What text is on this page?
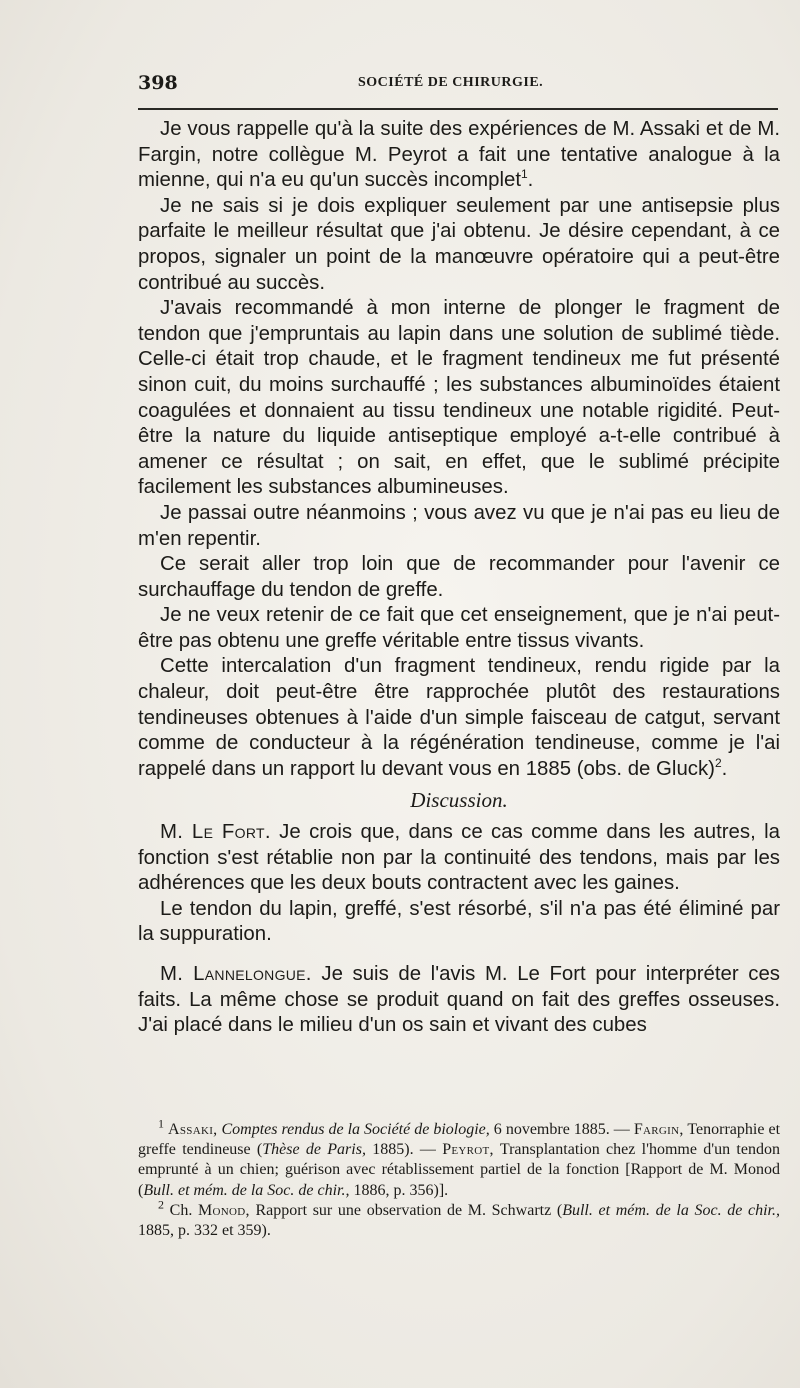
398	SOCIÉTÉ DE CHIRURGIE.

Je vous rappelle qu'à la suite des expériences de M. Assaki et de M. Fargin, notre collègue M. Peyrot a fait une tentative analogue à la mienne, qui n'a eu qu'un succès incomplet$^1$.

Je ne sais si je dois expliquer seulement par une antisepsie plus parfaite le meilleur résultat que j'ai obtenu. Je désire cependant, à ce propos, signaler un point de la manœuvre opératoire qui a peut-être contribué au succès.

J'avais recommandé à mon interne de plonger le fragment de tendon que j'empruntais au lapin dans une solution de sublimé tiède. Celle-ci était trop chaude, et le fragment tendineux me fut présenté sinon cuit, du moins surchauffé ; les substances albuminoïdes étaient coagulées et donnaient au tissu tendineux une notable rigidité. Peut-être la nature du liquide antiseptique employé a-t-elle contribué à amener ce résultat ; on sait, en effet, que le sublimé précipite facilement les substances albumineuses.

Je passai outre néanmoins ; vous avez vu que je n'ai pas eu lieu de m'en repentir.

Ce serait aller trop loin que de recommander pour l'avenir ce surchauffage du tendon de greffe.

Je ne veux retenir de ce fait que cet enseignement, que je n'ai peut-être pas obtenu une greffe véritable entre tissus vivants.

Cette intercalation d'un fragment tendineux, rendu rigide par la chaleur, doit peut-être être rapprochée plutôt des restaurations tendineuses obtenues à l'aide d'un simple faisceau de catgut, servant comme de conducteur à la régénération tendineuse, comme je l'ai rappelé dans un rapport lu devant vous en 1885 (obs. de Gluck)$^2$.

Discussion.

M. Le Fort. Je crois que, dans ce cas comme dans les autres, la fonction s'est rétablie non par la continuité des tendons, mais par les adhérences que les deux bouts contractent avec les gaines.

Le tendon du lapin, greffé, s'est résorbé, s'il n'a pas été éliminé par la suppuration.

M. Lannelongue. Je suis de l'avis M. Le Fort pour interpréter ces faits. La même chose se produit quand on fait des greffes osseuses. J'ai placé dans le milieu d'un os sain et vivant des cubes

$^1$ Assaki, Comptes rendus de la Société de biologie, 6 novembre 1885. — Fargin, Tenorraphie et greffe tendineuse (Thèse de Paris, 1885). — Peyrot, Transplantation chez l'homme d'un tendon emprunté à un chien; guérison avec rétablissement partiel de la fonction [Rapport de M. Monod (Bull. et mém. de la Soc. de chir., 1886, p. 356)].

$^2$ Ch. Monod, Rapport sur une observation de M. Schwartz (Bull. et mém. de la Soc. de chir., 1885, p. 332 et 359).
